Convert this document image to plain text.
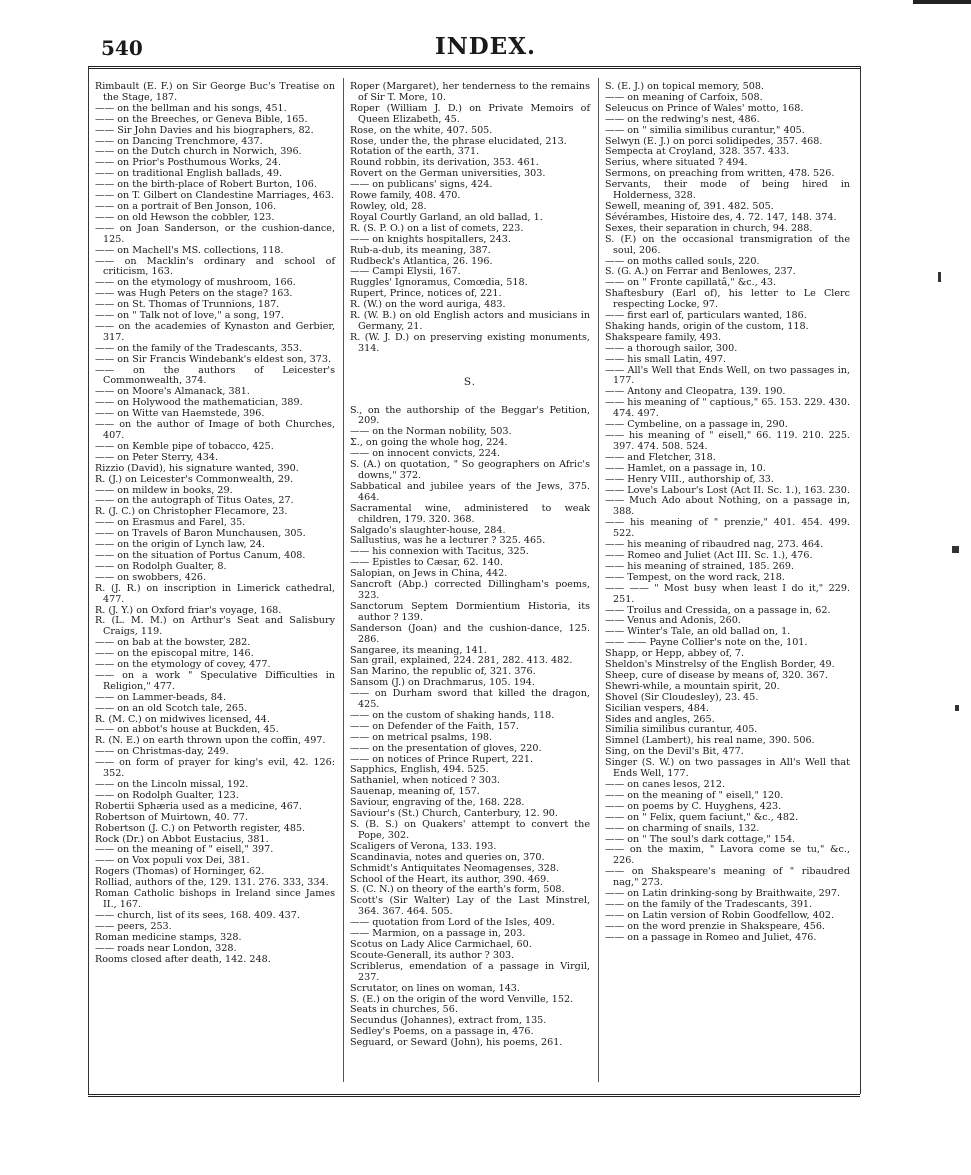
540	INDEX.

Rimbault (E. F.) on Sir George Buc's Treatise on the Stage, 187.

—— on the bellman and his songs, 451.

—— on the Breeches, or Geneva Bible, 165.

—— Sir John Davies and his biographers, 82.

—— on Dancing Trenchmore, 437.

—— on the Dutch church in Norwich, 396.

—— on Prior's Posthumous Works, 24.

—— on traditional English ballads, 49.

—— on the birth-place of Robert Burton, 106.

—— on T. Gilbert on Clandestine Marriages, 463.

—— on a portrait of Ben Jonson, 106.

—— on old Hewson the cobbler, 123.

—— on Joan Sanderson, or the cushion-dance, 125.

—— on Machell's MS. collections, 118.

—— on Macklin's ordinary and school of criticism, 163.

—— on the etymology of mushroom, 166.

—— was Hugh Peters on the stage? 163.

—— on St. Thomas of Trunnions, 187.

—— on " Talk not of love," a song, 197.

—— on the academies of Kynaston and Gerbier, 317.

—— on the family of the Tradescants, 353.

—— on Sir Francis Windebank's eldest son, 373.

—— on the authors of Leicester's Commonwealth, 374.

—— on Moore's Almanack, 381.

—— on Holywood the mathematician, 389.

—— on Witte van Haemstede, 396.

—— on the author of Image of both Churches, 407.

—— on Kemble pipe of tobacco, 425.

—— on Peter Sterry, 434.

Rizzio (David), his signature wanted, 390.

R. (J.) on Leicester's Commonwealth, 29.

—— on mildew in books, 29.

—— on the autograph of Titus Oates, 27.

R. (J. C.) on Christopher Flecamore, 23.

—— on Erasmus and Farel, 35.

—— on Travels of Baron Munchausen, 305.

—— on the origin of Lynch law, 24.

—— on the situation of Portus Canum, 408.

—— on Rodolph Gualter, 8.

—— on swobbers, 426.

R. (J. R.) on inscription in Limerick cathedral, 477.

R. (J. Y.) on Oxford friar's voyage, 168.

R. (L. M. M.) on Arthur's Seat and Salisbury Craigs, 119.

—— on bab at the bowster, 282.

—— on the episcopal mitre, 146.

—— on the etymology of covey, 477.

—— on a work " Speculative Difficulties in Religion," 477.

—— on Lammer-beads, 84.

—— on an old Scotch tale, 265.

R. (M. C.) on midwives licensed, 44.

—— on abbot's house at Buckden, 45.

R. (N. E.) on earth thrown upon the coffin, 497.

—— on Christmas-day, 249.

—— on form of prayer for king's evil, 42. 126: 352.

—— on the Lincoln missal, 192.

—— on Rodolph Gualter, 123.

Robertii Sphæria used as a medicine, 467.

Robertson of Muirtown, 40. 77.

Robertson (J. C.) on Petworth register, 485.

Rock (Dr.) on Abbot Eustacius, 381.

—— on the meaning of " eisell," 397.

—— on Vox populi vox Dei, 381.

Rogers (Thomas) of Horninger, 62.

Rolliad, authors of the, 129. 131. 276. 333, 334.

Roman Catholic bishops in Ireland since James II., 167.

—— church, list of its sees, 168. 409. 437.

—— peers, 253.

Roman medicine stamps, 328.

—— roads near London, 328.

Rooms closed after death, 142. 248.

Roper (Margaret), her tenderness to the remains of Sir T. More, 10.

Roper (William J. D.) on Private Memoirs of Queen Elizabeth, 45.

Rose, on the white, 407. 505.

Rose, under the, the phrase elucidated, 213.

Rotation of the earth, 371.

Round robbin, its derivation, 353. 461.

Rovert on the German universities, 303.

—— on publicans' signs, 424.

Rowe family, 408. 470.

Rowley, old, 28.

Royal Courtly Garland, an old ballad, 1.

R. (S. P. O.) on a list of comets, 223.

—— on knights hospitallers, 243.

Rub-a-dub, its meaning, 387.

Rudbeck's Atlantica, 26. 196.

—— Campi Elysii, 167.

Ruggles' Ignoramus, Comœdia, 518.

Rupert, Prince, notices of, 221.

R. (W.) on the word auriga, 483.

R. (W. B.) on old English actors and musicians in Germany, 21.

R. (W. J. D.) on preserving existing monuments, 314.

S.

S., on the authorship of the Beggar's Petition, 209.

—— on the Norman nobility, 503.

Σ., on going the whole hog, 224.

—— on innocent convicts, 224.

S. (A.) on quotation, " So geographers on Afric's downs," 372.

Sabbatical and jubilee years of the Jews, 375. 464.

Sacramental wine, administered to weak children, 179. 320. 368.

Salgado's slaughter-house, 284.

Sallustius, was he a lecturer ? 325. 465.

—— his connexion with Tacitus, 325.

—— Epistles to Cæsar, 62. 140.

Salopian, on Jews in China, 442.

Sancroft (Abp.) corrected Dillingham's poems, 323.

Sanctorum Septem Dormientium Historia, its author ? 139.

Sanderson (Joan) and the cushion-dance, 125. 286.

Sangaree, its meaning, 141.

San grail, explained, 224. 281, 282. 413. 482.

San Marino, the republic of, 321. 376.

Sansom (J.) on Drachmarus, 105. 194.

—— on Durham sword that killed the dragon, 425.

—— on the custom of shaking hands, 118.

—— on Defender of the Faith, 157.

—— on metrical psalms, 198.

—— on the presentation of gloves, 220.

—— on notices of Prince Rupert, 221.

Sapphics, English, 494. 525.

Sathaniel, when noticed ? 303.

Sauenap, meaning of, 157.

Saviour, engraving of the, 168. 228.

Saviour's (St.) Church, Canterbury, 12. 90.

S. (B. S.) on Quakers' attempt to convert the Pope, 302.

Scaligers of Verona, 133. 193.

Scandinavia, notes and queries on, 370.

Schmidt's Antiquitates Neomagenses, 328.

School of the Heart, its author, 390. 469.

S. (C. N.) on theory of the earth's form, 508.

Scott's (Sir Walter) Lay of the Last Minstrel, 364. 367. 464. 505.

—— quotation from Lord of the Isles, 409.

—— Marmion, on a passage in, 203.

Scotus on Lady Alice Carmichael, 60.

Scoute-Generall, its author ? 303.

Scriblerus, emendation of a passage in Virgil, 237.

Scrutator, on lines on woman, 143.

S. (E.) on the origin of the word Venville, 152.

Seats in churches, 56.

Secundus (Johannes), extract from, 135.

Sedley's Poems, on a passage in, 476.

Seguard, or Seward (John), his poems, 261.

S. (E. J.) on topical memory, 508.

—— on meaning of Carfoix, 508.

Seleucus on Prince of Wales' motto, 168.

—— on the redwing's nest, 486.

—— on " similia similibus curantur," 405.

Selwyn (E. J.) on porci solidipedes, 357. 468.

Sempecta at Croyland, 328. 357. 433.

Serius, where situated ? 494.

Sermons, on preaching from written, 478. 526.

Servants, their mode of being hired in Holderness, 328.

Sewell, meaning of, 391. 482. 505.

Sévérambes, Histoire des, 4. 72. 147, 148. 374.

Sexes, their separation in church, 94. 288.

S. (F.) on the occasional transmigration of the soul, 206.

—— on moths called souls, 220.

S. (G. A.) on Ferrar and Benlowes, 237.

—— on " Fronte capillatâ," &c., 43.

Shaftesbury (Earl of), his letter to Le Clerc respecting Locke, 97.

—— first earl of, particulars wanted, 186.

Shaking hands, origin of the custom, 118.

Shakspeare family, 493.

—— a thorough sailor, 300.

—— his small Latin, 497.

—— All's Well that Ends Well, on two passages in, 177.

—— Antony and Cleopatra, 139. 190.

—— his meaning of " captious," 65. 153. 229. 430. 474. 497.

—— Cymbeline, on a passage in, 290.

—— his meaning of " eisell," 66. 119. 210. 225. 397. 474. 508. 524.

—— and Fletcher, 318.

—— Hamlet, on a passage in, 10.

—— Henry VIII., authorship of, 33.

—— Love's Labour's Lost (Act II. Sc. 1.), 163. 230.

—— Much Ado about Nothing, on a passage in, 388.

—— his meaning of " prenzie," 401. 454. 499. 522.

—— his meaning of ribaudred nag, 273. 464.

—— Romeo and Juliet (Act III. Sc. 1.), 476.

—— his meaning of strained, 185. 269.

—— Tempest, on the word rack, 218.

—— —— " Most busy when least I do it," 229. 251.

—— Troilus and Cressida, on a passage in, 62.

—— Venus and Adonis, 260.

—— Winter's Tale, an old ballad on, 1.

—— —— Payne Collier's note on the, 101.

Shapp, or Hepp, abbey of, 7.

Sheldon's Minstrelsy of the English Border, 49.

Sheep, cure of disease by means of, 320. 367.

Shewri-while, a mountain spirit, 20.

Shovel (Sir Cloudesley), 23. 45.

Sicilian vespers, 484.

Sides and angles, 265.

Similia similibus curantur, 405.

Simnel (Lambert), his real name, 390. 506.

Sing, on the Devil's Bit, 477.

Singer (S. W.) on two passages in All's Well that Ends Well, 177.

—— on canes lesos, 212.

—— on the meaning of " eisell," 120.

—— on poems by C. Huyghens, 423.

—— on " Felix, quem faciunt," &c., 482.

—— on charming of snails, 132.

—— on " The soul's dark cottage," 154.

—— on the maxim, " Lavora come se tu," &c., 226.

—— on Shakspeare's meaning of " ribaudred nag," 273.

—— on Latin drinking-song by Braithwaite, 297.

—— on the family of the Tradescants, 391.

—— on Latin version of Robin Goodfellow, 402.

—— on the word prenzie in Shakspeare, 456.

—— on a passage in Romeo and Juliet, 476.
